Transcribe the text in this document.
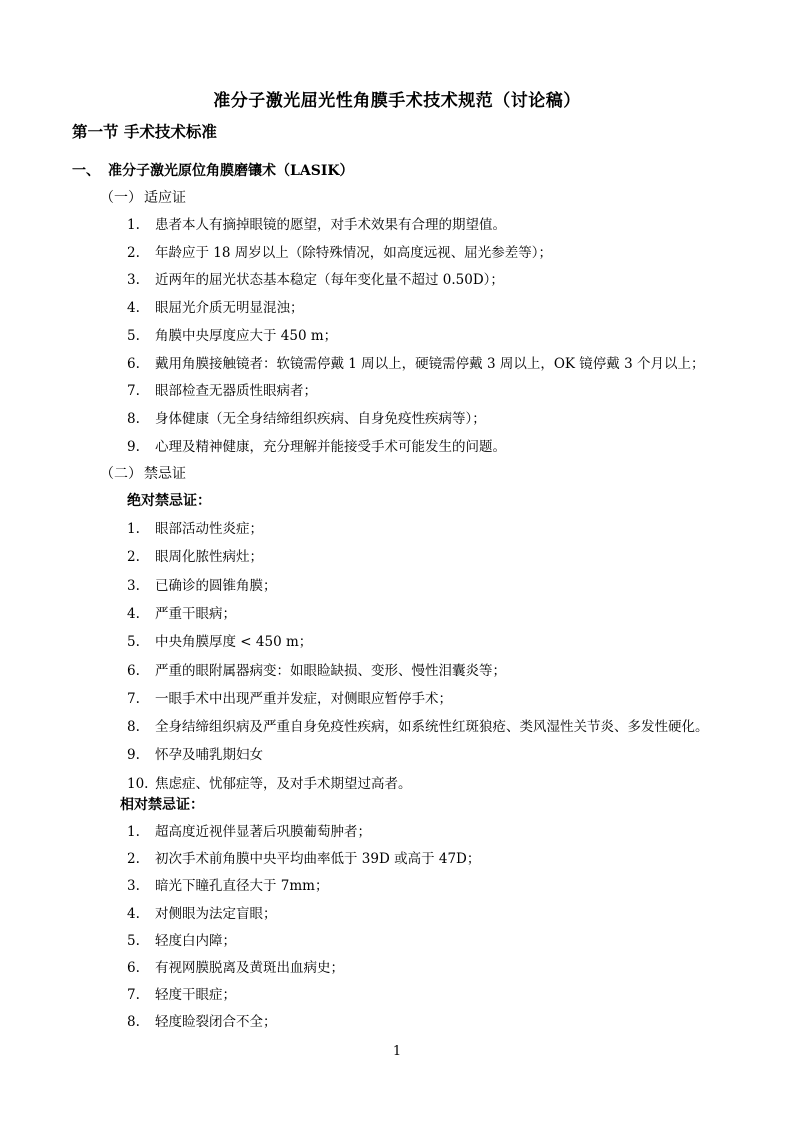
准分子激光屈光性角膜手术技术规范（讨论稿）
第一节 手术技术标准
一、 准分子激光原位角膜磨镶术（LASIK）
（一） 适应证
1. 患者本人有摘掉眼镜的愿望，对手术效果有合理的期望值。
2. 年龄应于 18 周岁以上（除特殊情况，如高度远视、屈光参差等）；
3. 近两年的屈光状态基本稳定（每年变化量不超过 0.50D）；
4. 眼屈光介质无明显混浊；
5. 角膜中央厚度应大于 450 m；
6. 戴用角膜接触镜者：软镜需停戴 1 周以上，硬镜需停戴 3 周以上，OK 镜停戴 3 个月以上；
7. 眼部检查无器质性眼病者；
8. 身体健康（无全身结缔组织疾病、自身免疫性疾病等）；
9. 心理及精神健康，充分理解并能接受手术可能发生的问题。
（二） 禁忌证
绝对禁忌证：
1. 眼部活动性炎症；
2. 眼周化脓性病灶；
3. 已确诊的圆锥角膜；
4. 严重干眼病；
5. 中央角膜厚度 < 450 m；
6. 严重的眼附属器病变：如眼睑缺损、变形、慢性泪囊炎等；
7. 一眼手术中出现严重并发症，对侧眼应暂停手术；
8. 全身结缔组织病及严重自身免疫性疾病，如系统性红斑狼疮、类风湿性关节炎、多发性硬化。
9. 怀孕及哺乳期妇女
10. 焦虑症、忧郁症等，及对手术期望过高者。
相对禁忌证：
1. 超高度近视伴显著后巩膜葡萄肿者；
2. 初次手术前角膜中央平均曲率低于 39D 或高于 47D；
3. 暗光下瞳孔直径大于 7mm；
4. 对侧眼为法定盲眼；
5. 轻度白内障；
6. 有视网膜脱离及黄斑出血病史；
7. 轻度干眼症；
8. 轻度睑裂闭合不全；
1
